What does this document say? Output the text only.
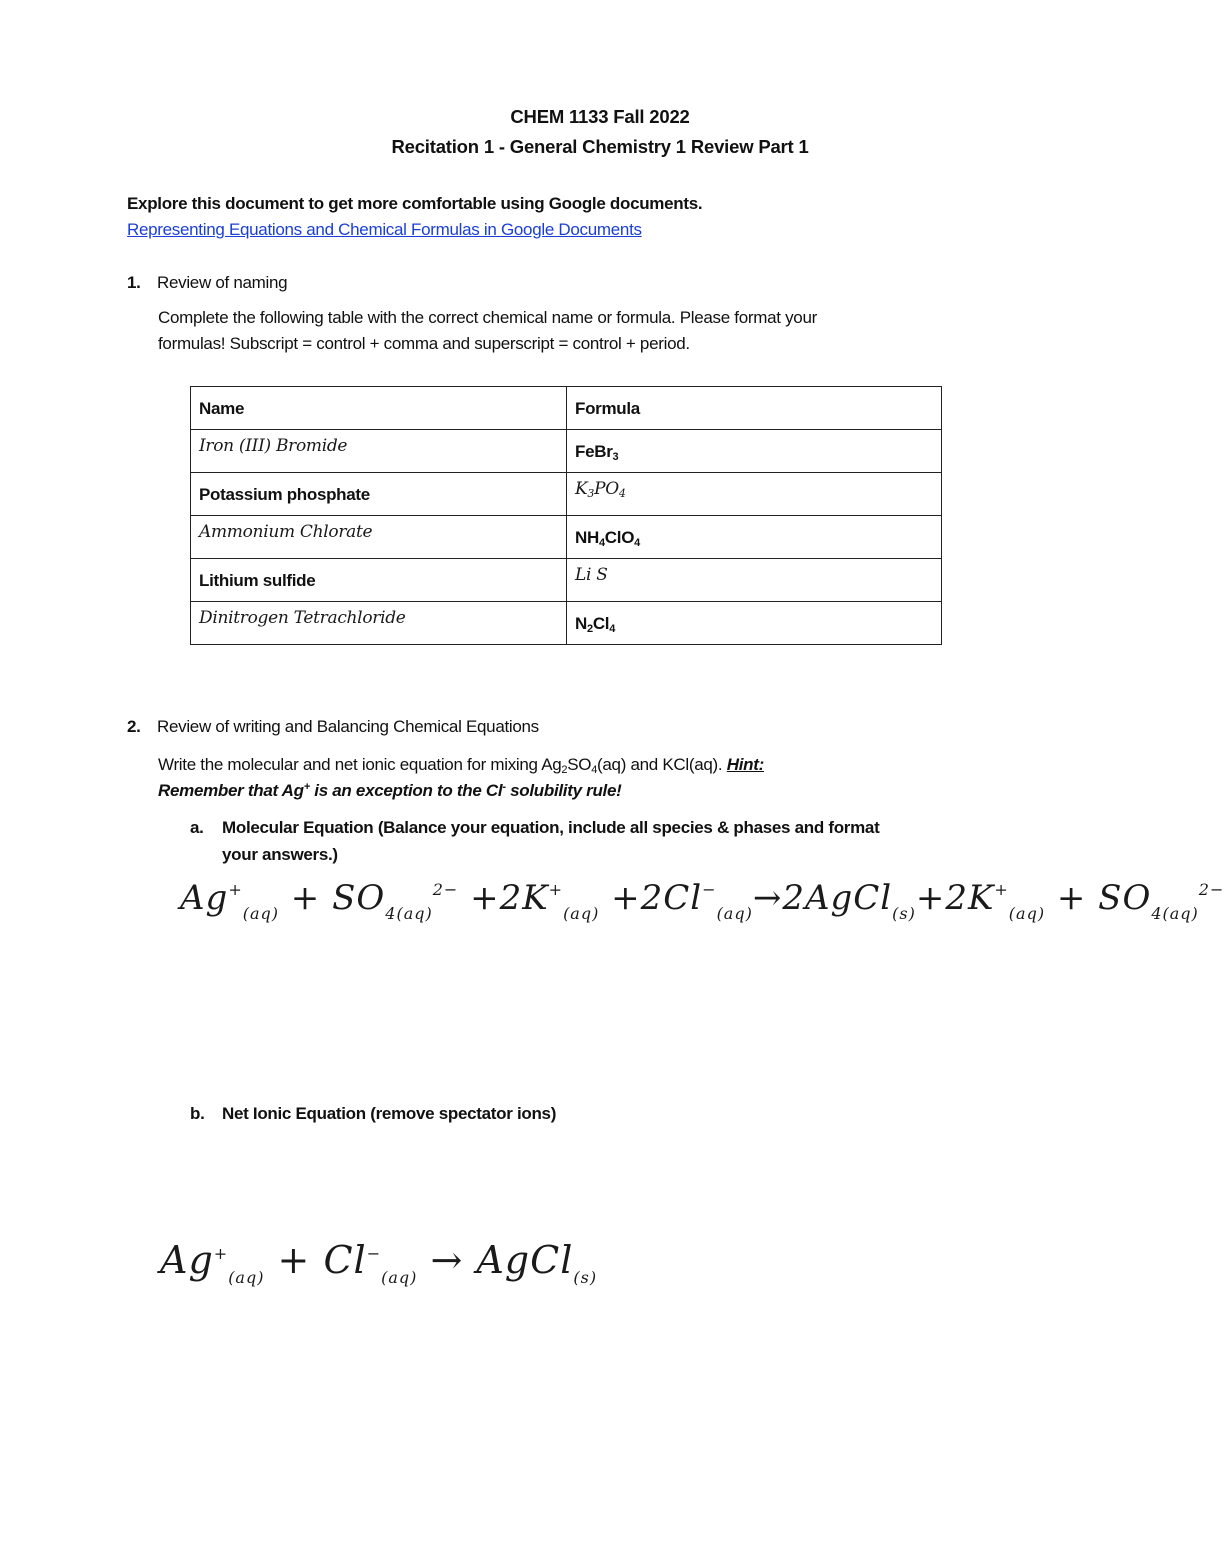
CHEM 1133 Fall 2022
Recitation 1 - General Chemistry 1 Review Part 1
Explore this document to get more comfortable using Google documents.
Representing Equations and Chemical Formulas in Google Documents
1. Review of naming
Complete the following table with the correct chemical name or formula. Please format your
formulas! Subscript = control + comma and superscript = control + period.
Name	Formula
Iron (III) Bromide	FeBr$_3$
Potassium phosphate	$K_3PO_4$
Ammonium Chlorate	$NH_4ClO_4$
Lithium sulfide	Li S
Dinitrogen Tetrachloride	$N_2Cl_4$
2. Review of writing and Balancing Chemical Equations
Write the molecular and net ionic equation for mixing $Ag_2SO_4(aq)$ and KCl(aq). Hint:
Remember that Ag+ is an exception to the Cl- solubility rule!
a. Molecular Equation (Balance your equation, include all species & phases and format
your answers.)
$Ag^+_{(aq)} + SO_{4(aq)}^{2-} +2K^+_{(aq)}$ $+2Cl^-_{(aq)}\to 2AgCl_{(s)}+2K^+_{(aq)} + SO_{4(aq)}^{2-}$
b. Net Ionic Equation (remove spectator ions)
$Ag^+_{(aq)} + Cl^-_{(aq)}$ → AgCl$_{(s)}$
